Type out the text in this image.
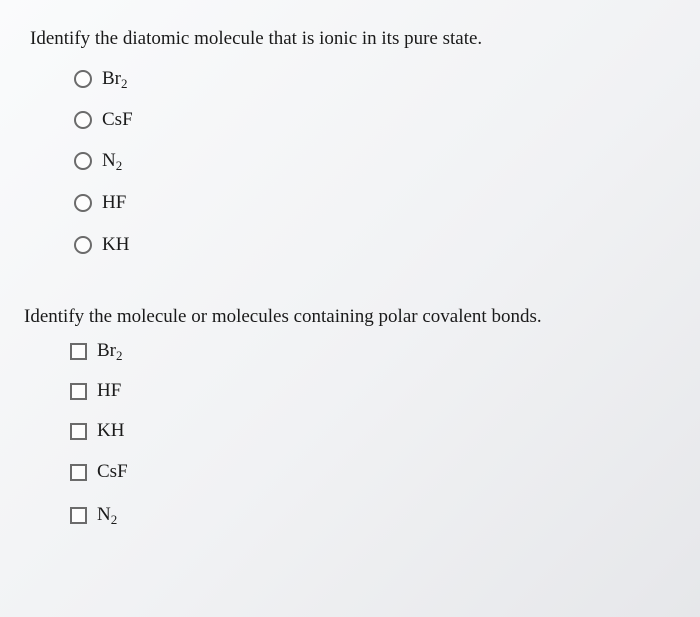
Identify the diatomic molecule that is ionic in its pure state.
$Br_2$
CsF
$N_2$
HF
KH
Identify the molecule or molecules containing polar covalent bonds.
$Br_2$
HF
KH
CsF
$N_2$
